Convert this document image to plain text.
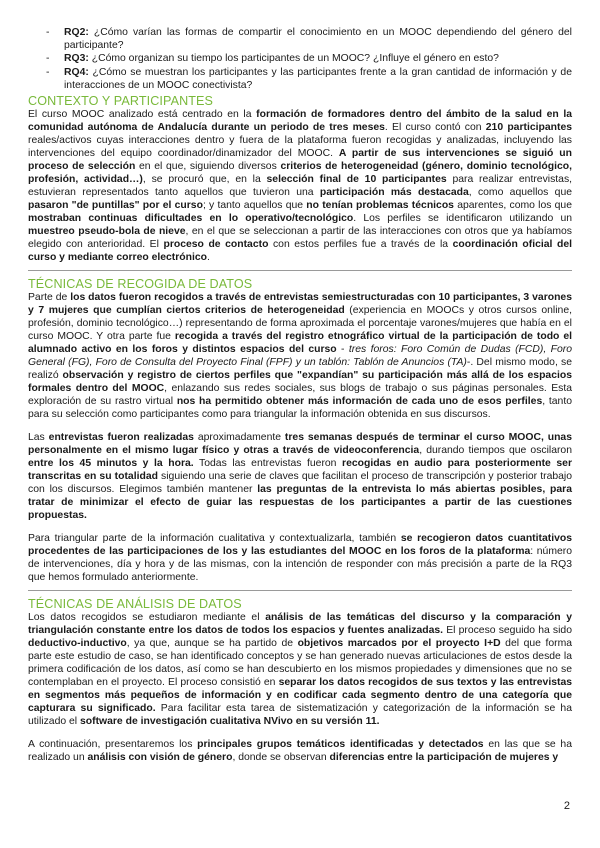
- RQ2: ¿Cómo varían las formas de compartir el conocimiento en un MOOC dependiendo del género del participante?
- RQ3: ¿Cómo organizan su tiempo los participantes de un MOOC? ¿Influye el género en esto?
- RQ4: ¿Cómo se muestran los participantes y las participantes frente a la gran cantidad de información y de interacciones de un MOOC conectivista?
CONTEXTO Y PARTICIPANTES

El curso MOOC analizado está centrado en la formación de formadores dentro del ámbito de la salud en la comunidad autónoma de Andalucía durante un periodo de tres meses. El curso contó con 210 participantes reales/activos cuyas interacciones dentro y fuera de la plataforma fueron recogidas y analizadas, incluyendo las intervenciones del equipo coordinador/dinamizador del MOOC. A partir de sus intervenciones se siguió un proceso de selección en el que, siguiendo diversos criterios de heterogeneidad (género, dominio tecnológico, profesión, actividad…), se procuró que, en la selección final de 10 participantes para realizar entrevistas, estuvieran representados tanto aquellos que tuvieron una participación más destacada, como aquellos que pasaron "de puntillas" por el curso; y tanto aquellos que no tenían problemas técnicos aparentes, como los que mostraban continuas dificultades en lo operativo/tecnológico. Los perfiles se identificaron utilizando un muestreo pseudo-bola de nieve, en el que se seleccionan a partir de las interacciones con otros que ya habíamos elegido con anterioridad. El proceso de contacto con estos perfiles fue a través de la coordinación oficial del curso y mediante correo electrónico.

TÉCNICAS DE RECOGIDA DE DATOS

Parte de los datos fueron recogidos a través de entrevistas semiestructuradas con 10 participantes, 3 varones y 7 mujeres que cumplían ciertos criterios de heterogeneidad (experiencia en MOOCs y otros cursos online, profesión, dominio tecnológico…) representando de forma aproximada el porcentaje varones/mujeres que había en el curso MOOC. Y otra parte fue recogida a través del registro etnográfico virtual de la participación de todo el alumnado activo en los foros y distintos espacios del curso - tres foros: Foro Común de Dudas (FCD), Foro General (FG), Foro de Consulta del Proyecto Final (FPF) y un tablón: Tablón de Anuncios (TA)-. Del mismo modo, se realizó observación y registro de ciertos perfiles que "expandían" su participación más allá de los espacios formales dentro del MOOC, enlazando sus redes sociales, sus blogs de trabajo o sus páginas personales. Esta exploración de su rastro virtual nos ha permitido obtener más información de cada uno de esos perfiles, tanto para su selección como participantes como para triangular la información obtenida en sus discursos.

Las entrevistas fueron realizadas aproximadamente tres semanas después de terminar el curso MOOC, unas personalmente en el mismo lugar físico y otras a través de videoconferencia, durando tiempos que oscilaron entre los 45 minutos y la hora. Todas las entrevistas fueron recogidas en audio para posteriormente ser transcritas en su totalidad siguiendo una serie de claves que facilitan el proceso de transcripción y posterior trabajo con los discursos. Elegimos también mantener las preguntas de la entrevista lo más abiertas posibles, para tratar de minimizar el efecto de guiar las respuestas de los participantes a partir de las cuestiones propuestas.

Para triangular parte de la información cualitativa y contextualizarla, también se recogieron datos cuantitativos procedentes de las participaciones de los y las estudiantes del MOOC en los foros de la plataforma: número de intervenciones, día y hora y de las mismas, con la intención de responder con más precisión a parte de la RQ3 que hemos formulado anteriormente.

TÉCNICAS DE ANÁLISIS DE DATOS

Los datos recogidos se estudiaron mediante el análisis de las temáticas del discurso y la comparación y triangulación constante entre los datos de todos los espacios y fuentes analizadas. El proceso seguido ha sido deductivo-inductivo, ya que, aunque se ha partido de objetivos marcados por el proyecto I+D del que forma parte este estudio de caso, se han identificado conceptos y se han generado nuevas articulaciones de estos desde la primera codificación de los datos, así como se han descubierto en los mismos propiedades y dimensiones que no se contemplaban en el proyecto. El proceso consistió en separar los datos recogidos de sus textos y las entrevistas en segmentos más pequeños de información y en codificar cada segmento dentro de una categoría que capturara su significado. Para facilitar esta tarea de sistematización y categorización de la información se ha utilizado el software de investigación cualitativa NVivo en su versión 11.

A continuación, presentaremos los principales grupos temáticos identificadas y detectados en las que se ha realizado un análisis con visión de género, donde se observan diferencias entre la participación de mujeres y

2
